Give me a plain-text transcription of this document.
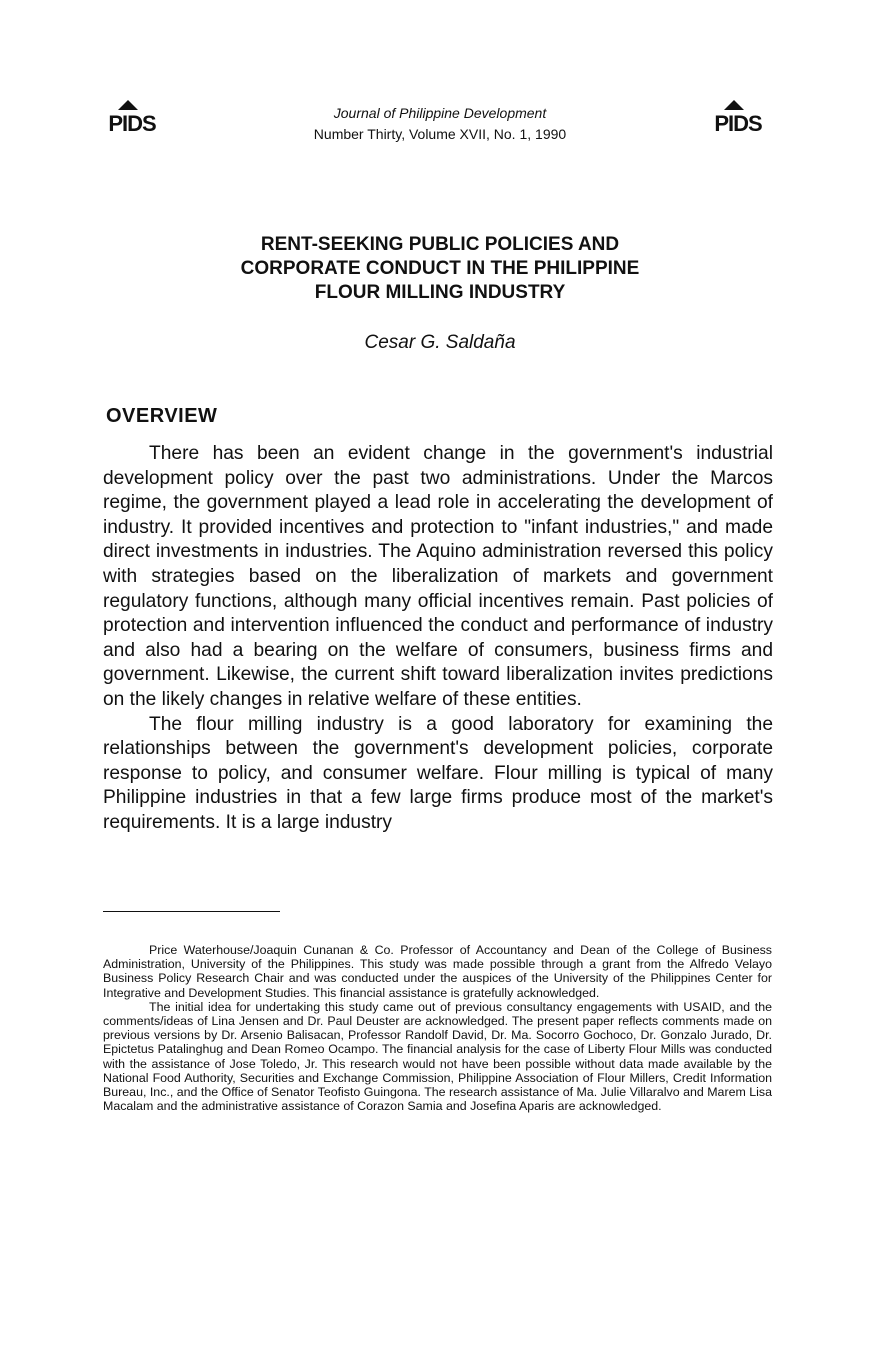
PIDS	PIDS
Journal of Philippine Development
Number Thirty, Volume XVII, No. 1, 1990
RENT-SEEKING PUBLIC POLICIES AND
CORPORATE CONDUCT IN THE PHILIPPINE
FLOUR MILLING INDUSTRY
Cesar G. Saldaña
OVERVIEW

There has been an evident change in the government's industrial development policy over the past two administrations. Under the Marcos regime, the government played a lead role in accelerating the development of industry. It provided incentives and protection to "infant industries," and made direct investments in industries. The Aquino administration reversed this policy with strategies based on the liberalization of markets and government regulatory functions, although many official incentives remain. Past policies of protection and intervention influenced the conduct and performance of industry and also had a bearing on the welfare of consumers, business firms and government. Likewise, the current shift toward liberalization invites predictions on the likely changes in relative welfare of these entities.

The flour milling industry is a good laboratory for examining the relationships between the government's development policies, corporate response to policy, and consumer welfare. Flour milling is typical of many Philippine industries in that a few large firms produce most of the market's requirements. It is a large industry

Price Waterhouse/Joaquin Cunanan & Co. Professor of Accountancy and Dean of the College of Business Administration, University of the Philippines. This study was made possible through a grant from the Alfredo Velayo Business Policy Research Chair and was conducted under the auspices of the University of the Philippines Center for Integrative and Development Studies. This financial assistance is gratefully acknowledged.

The initial idea for undertaking this study came out of previous consultancy engagements with USAID, and the comments/ideas of Lina Jensen and Dr. Paul Deuster are acknowledged. The present paper reflects comments made on previous versions by Dr. Arsenio Balisacan, Professor Randolf David, Dr. Ma. Socorro Gochoco, Dr. Gonzalo Jurado, Dr. Epictetus Patalinghug and Dean Romeo Ocampo. The financial analysis for the case of Liberty Flour Mills was conducted with the assistance of Jose Toledo, Jr. This research would not have been possible without data made available by the National Food Authority, Securities and Exchange Commission, Philippine Association of Flour Millers, Credit Information Bureau, Inc., and the Office of Senator Teofisto Guingona. The research assistance of Ma. Julie Villaralvo and Marem Lisa Macalam and the administrative assistance of Corazon Samia and Josefina Aparis are acknowledged.
